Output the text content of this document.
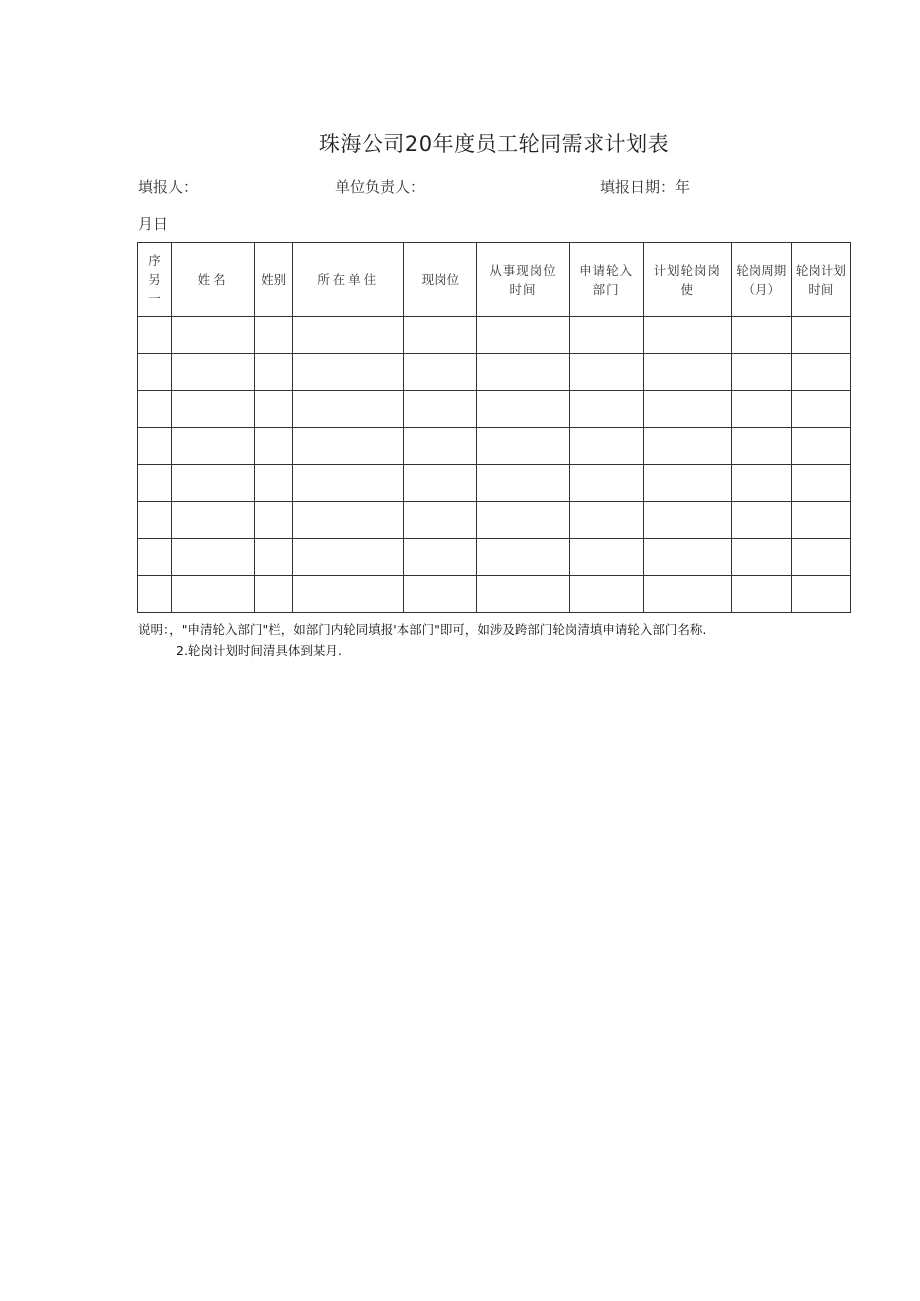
珠海公司20年度员工轮同需求计划表
填报人：	单位负责人：	填报日期：年
月日
序另一	姓名	姓别	所在单住	现岗位	从事现岗位时间	申请轮入部门	计划轮岗岗使	轮岗周期（月）	轮岗计划时间

说明：，"申清轮入部门"栏，如部门内轮同填报'本部门"即可，如涉及跨部门轮岗清填申请轮入部门名称.
2.轮岗计划时间清具体到某月.
